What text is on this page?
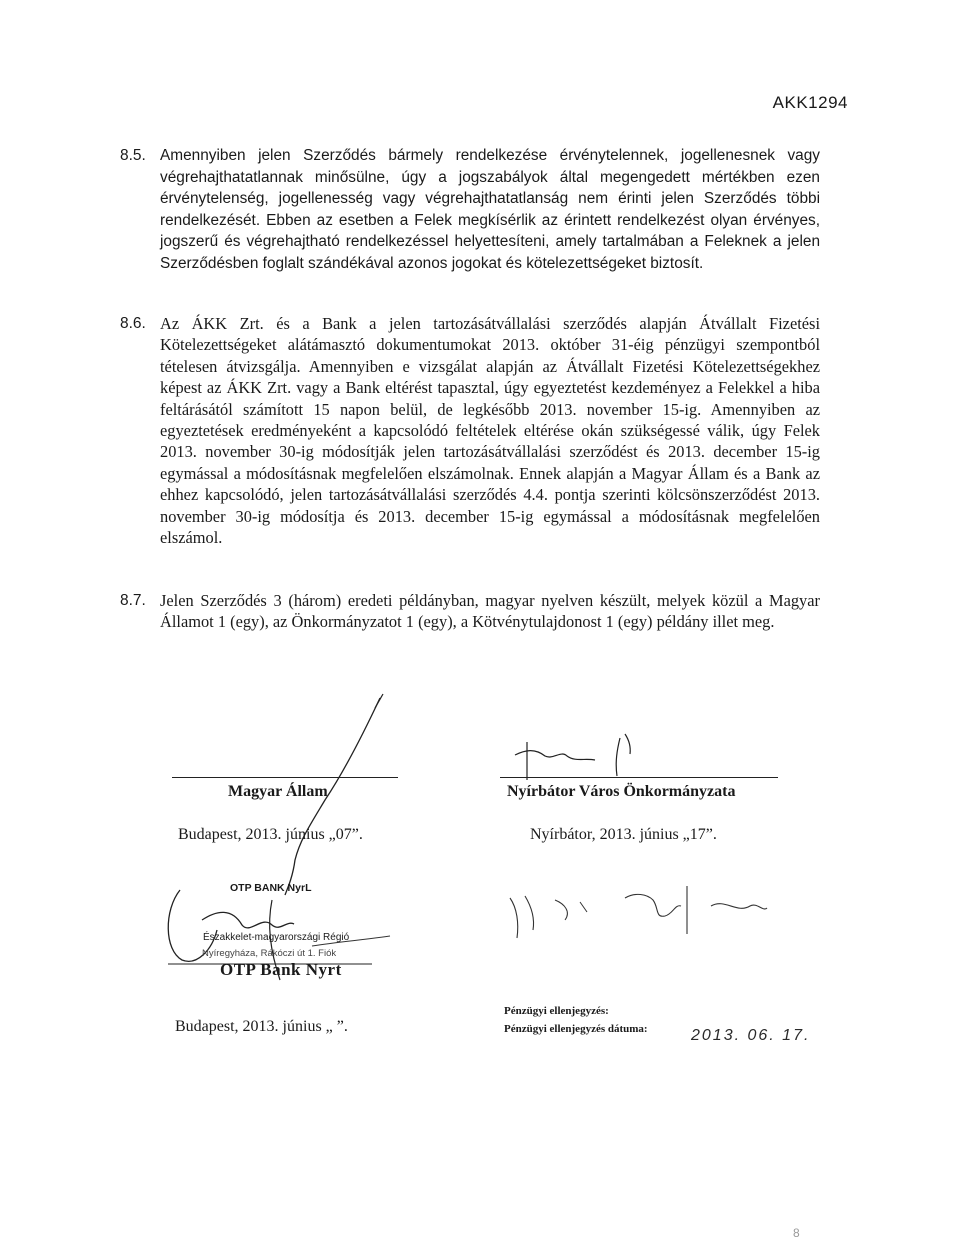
AKK1294
8.5. Amennyiben jelen Szerződés bármely rendelkezése érvénytelennek, jogellenesnek vagy végrehajthatatlannak minősülne, úgy a jogszabályok által megengedett mértékben ezen érvénytelenség, jogellenesség vagy végrehajthatatlanság nem érinti jelen Szerződés többi rendelkezését. Ebben az esetben a Felek megkísérlik az érintett rendelkezést olyan érvényes, jogszerű és végrehajtható rendelkezéssel helyettesíteni, amely tartalmában a Feleknek a jelen Szerződésben foglalt szándékával azonos jogokat és kötelezettségeket biztosít.
8.6. Az ÁKK Zrt. és a Bank a jelen tartozásátvállalási szerződés alapján Átvállalt Fizetési Kötelezettségeket alátámasztó dokumentumokat 2013. október 31-éig pénzügyi szempontból tételesen átvizsgálja. Amennyiben e vizsgálat alapján az Átvállalt Fizetési Kötelezettségekhez képest az ÁKK Zrt. vagy a Bank eltérést tapasztal, úgy egyeztetést kezdeményez a Felekkel a hiba feltárásától számított 15 napon belül, de legkésőbb 2013. november 15-ig. Amennyiben az egyeztetések eredményeként a kapcsolódó feltételek eltérése okán szükségessé válik, úgy Felek 2013. november 30-ig módosítják jelen tartozásátvállalási szerződést és 2013. december 15-ig egymással a módosításnak megfelelően elszámolnak. Ennek alapján a Magyar Állam és a Bank az ehhez kapcsolódó, jelen tartozásátvállalási szerződés 4.4. pontja szerinti kölcsönszerződést 2013. november 30-ig módosítja és 2013. december 15-ig egymással a módosításnak megfelelően elszámol.
8.7. Jelen Szerződés 3 (három) eredeti példányban, magyar nyelven készült, melyek közül a Magyar Államot 1 (egy), az Önkormányzatot 1 (egy), a Kötvénytulajdonost 1 (egy) példány illet meg.
Magyar Állam
Budapest, 2013. június „07”.
Nyírbátor Város Önkormányzata
Nyírbátor, 2013. június „17”.
OTP BANK NyrL
Északkelet-magyarországi Régió
Nyíregyháza, Rákóczi út 1. Fiók
OTP Bank Nyrt
Budapest, 2013. június „ ”.
Pénzügyi ellenjegyzés:
Pénzügyi ellenjegyzés dátuma:	2013. 06. 17.
8
